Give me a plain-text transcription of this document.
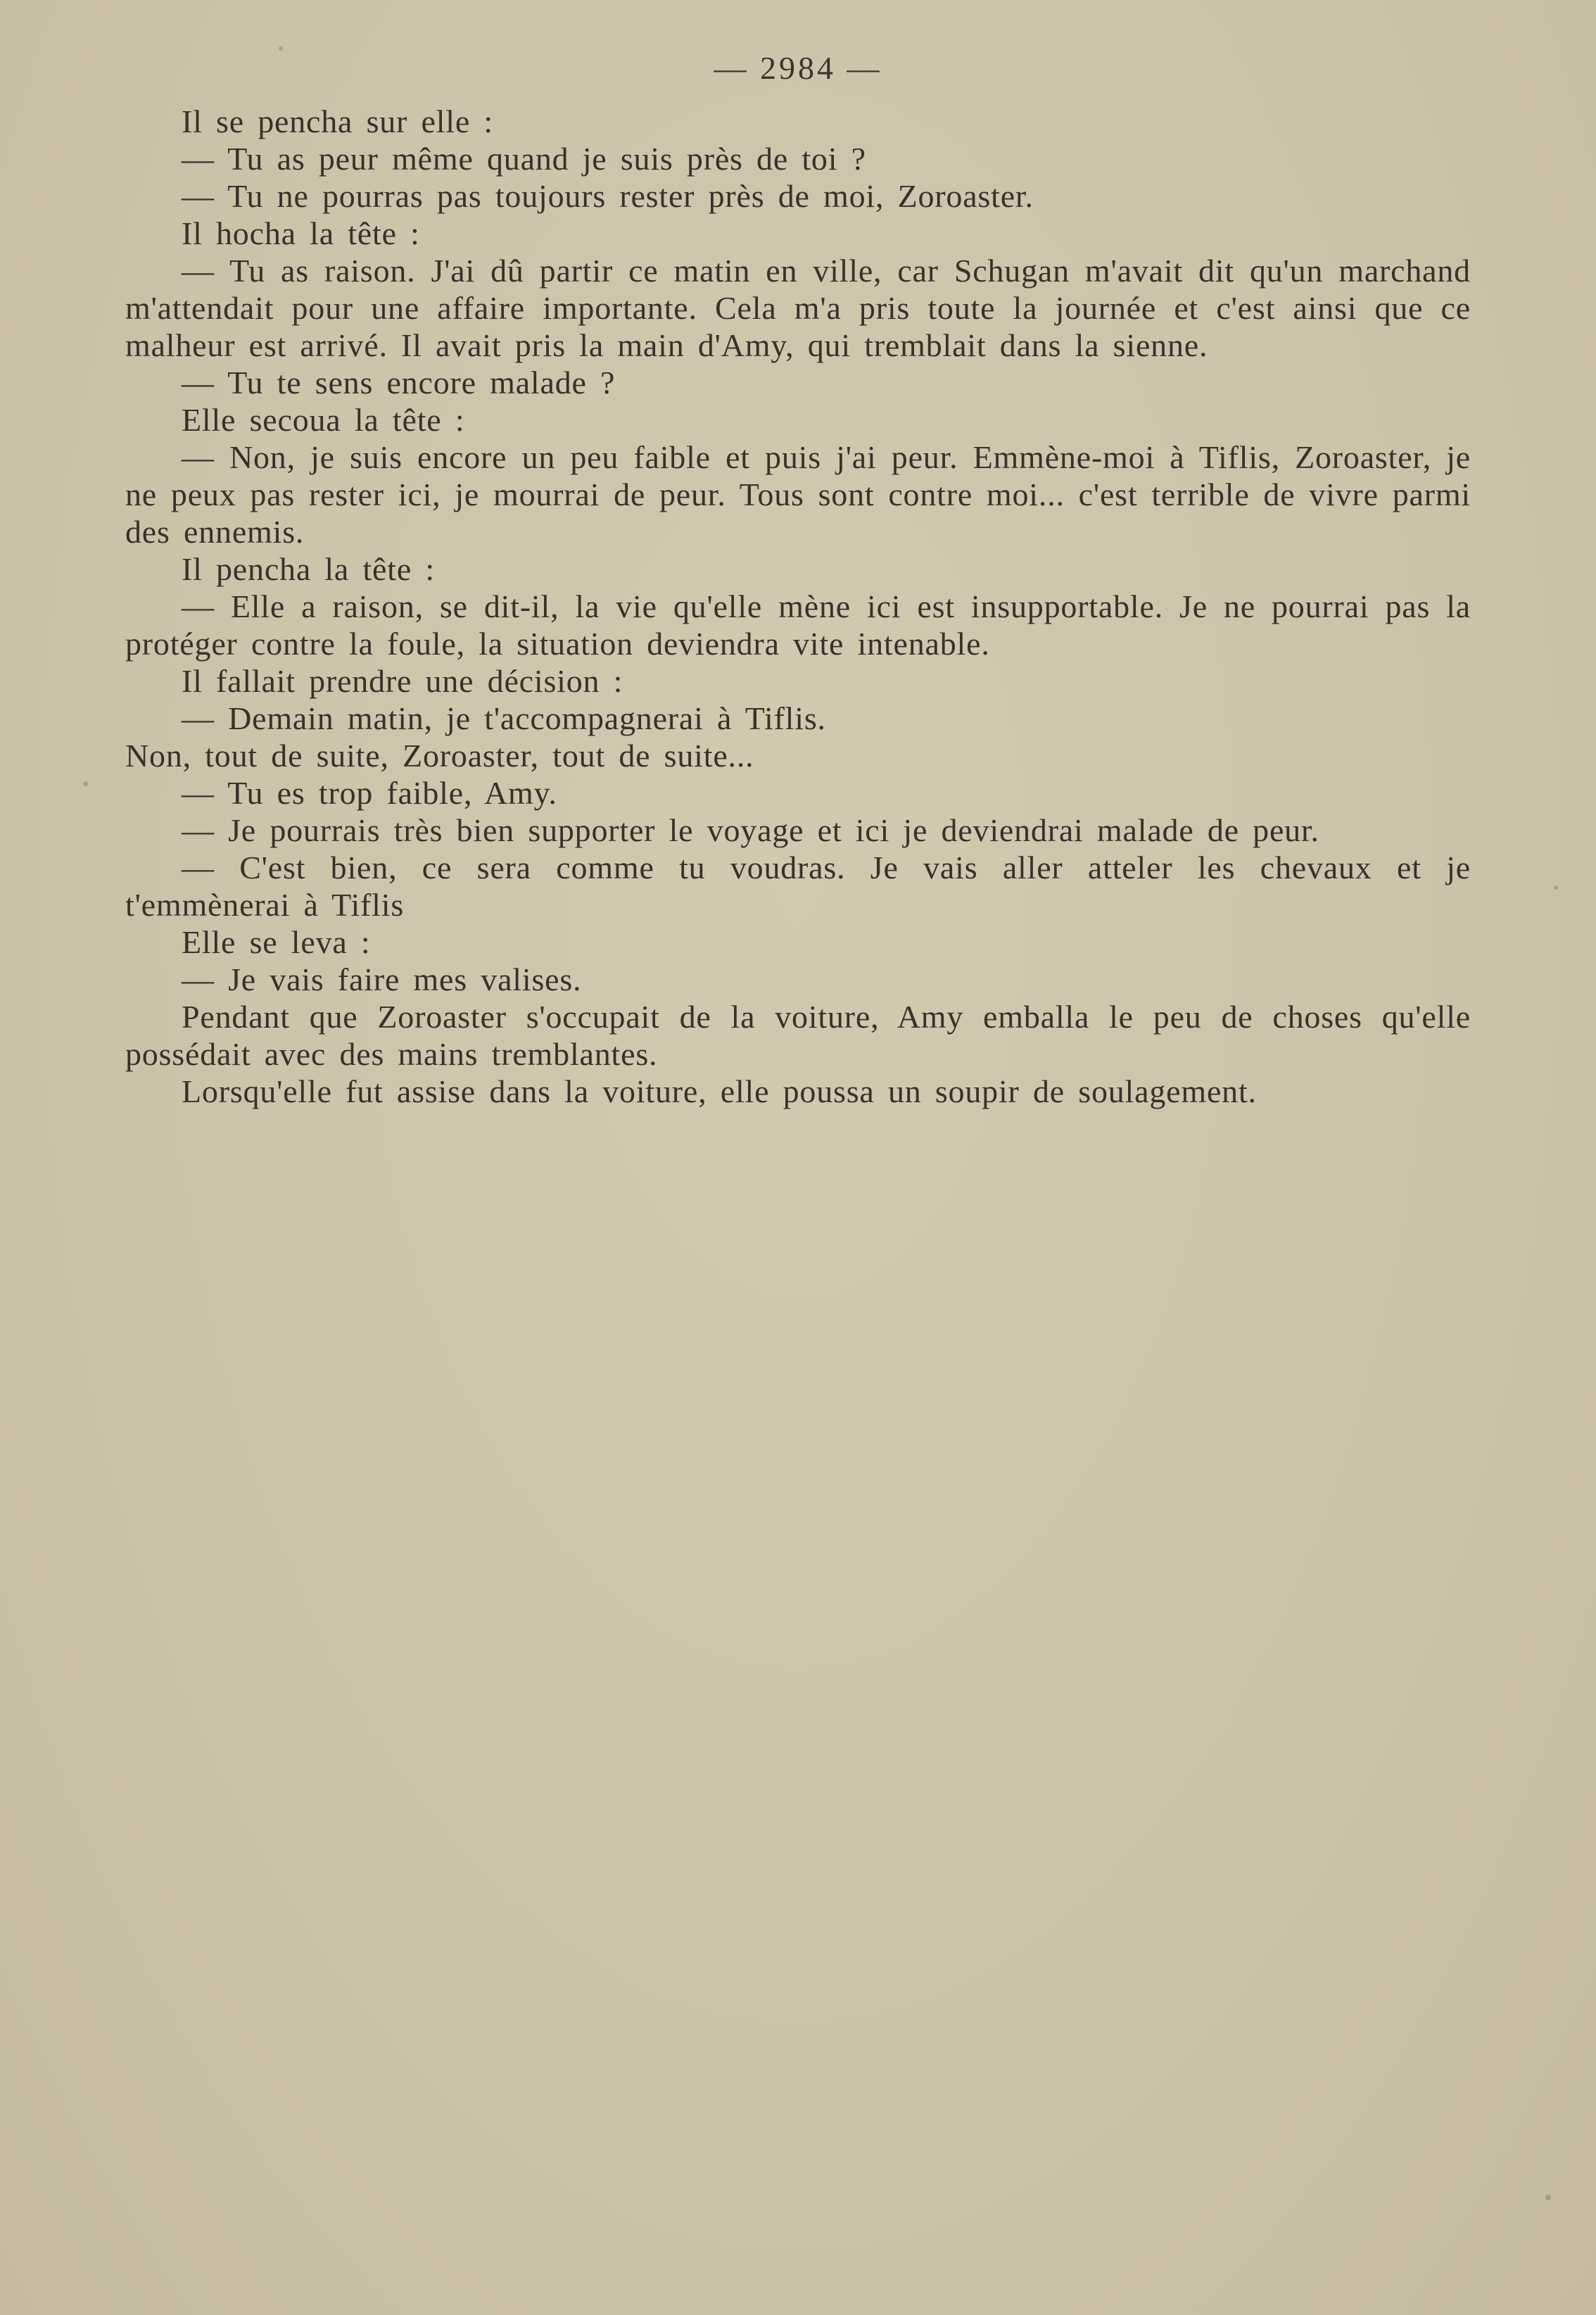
— 2984 —

Il se pencha sur elle :

— Tu as peur même quand je suis près de toi ?

— Tu ne pourras pas toujours rester près de moi, Zoroaster.

Il hocha la tête :

— Tu as raison. J'ai dû partir ce matin en ville, car Schugan m'avait dit qu'un marchand m'attendait pour une affaire importante. Cela m'a pris toute la journée et c'est ainsi que ce malheur est arrivé. Il avait pris la main d'Amy, qui tremblait dans la sienne.

— Tu te sens encore malade ?

Elle secoua la tête :

— Non, je suis encore un peu faible et puis j'ai peur. Emmène-moi à Tiflis, Zoroaster, je ne peux pas rester ici, je mourrai de peur. Tous sont contre moi... c'est terrible de vivre parmi des ennemis.

Il pencha la tête :

— Elle a raison, se dit-il, la vie qu'elle mène ici est insupportable. Je ne pourrai pas la protéger contre la foule, la situation deviendra vite intenable.

Il fallait prendre une décision :

— Demain matin, je t'accompagnerai à Tiflis.

Non, tout de suite, Zoroaster, tout de suite...

— Tu es trop faible, Amy.

— Je pourrais très bien supporter le voyage et ici je deviendrai malade de peur.

— C'est bien, ce sera comme tu voudras. Je vais aller atteler les chevaux et je t'emmènerai à Tiflis

Elle se leva :

— Je vais faire mes valises.

Pendant que Zoroaster s'occupait de la voiture, Amy emballa le peu de choses qu'elle possédait avec des mains tremblantes.

Lorsqu'elle fut assise dans la voiture, elle poussa un soupir de soulagement.
